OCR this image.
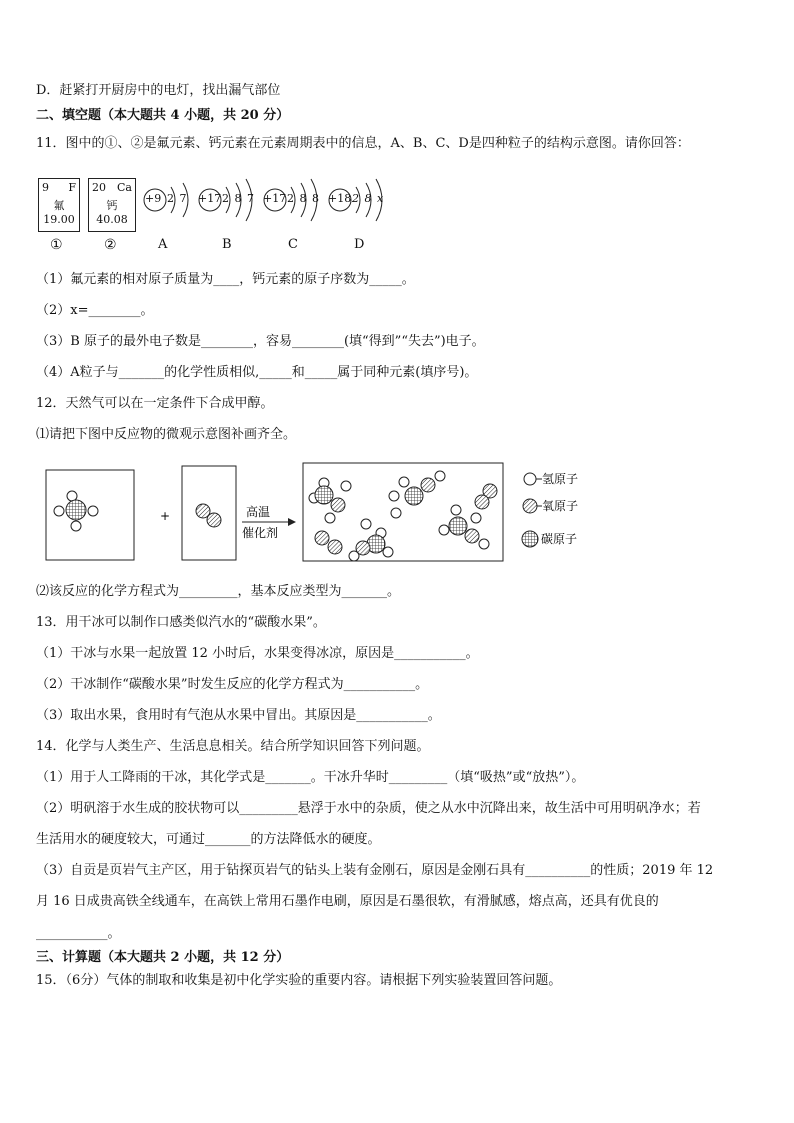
D．赶紧打开厨房中的电灯，找出漏气部位
二、填空题（本大题共 4 小题，共 20 分）
11．图中的①、②是氟元素、钙元素在元素周期表中的信息，A、B、C、D是四种粒子的结构示意图。请你回答：
9 F
氟
19.00
20 Ca
钙
40.08
①	②
+9 2 7
A
+17 2 8 7
B
+17 2 8 8
C
+18 2 8 x
D
（1）氟元素的相对原子质量为____，钙元素的原子序数为_____。
（2）x=________。
（3）B 原子的最外电子数是________，容易________(填“得到”“失去”)电子。
（4）A粒子与_______的化学性质相似,_____和_____属于同种元素(填序号)。
12．天然气可以在一定条件下合成甲醇。
⑴请把下图中反应物的微观示意图补画齐全。
+	高温
催化剂
氢原子
氧原子
碳原子
⑵该反应的化学方程式为_________，基本反应类型为_______。
13．用干冰可以制作口感类似汽水的“碳酸水果”。
（1）干冰与水果一起放置 12 小时后，水果变得冰凉，原因是___________。
（2）干冰制作“碳酸水果”时发生反应的化学方程式为___________。
（3）取出水果，食用时有气泡从水果中冒出。其原因是___________。
14．化学与人类生产、生活息息相关。结合所学知识回答下列问题。
（1）用于人工降雨的干冰，其化学式是_______。干冰升华时_________（填“吸热”或“放热”）。
（2）明矾溶于水生成的胶状物可以_________悬浮于水中的杂质，使之从水中沉降出来，故生活中可用明矾净水；若
生活用水的硬度较大，可通过_______的方法降低水的硬度。
（3）自贡是页岩气主产区，用于钻探页岩气的钻头上装有金刚石，原因是金刚石具有__________的性质；2019 年 12
月 16 日成贵高铁全线通车，在高铁上常用石墨作电刷，原因是石墨很软，有滑腻感，熔点高，还具有优良的
___________。
三、计算题（本大题共 2 小题，共 12 分）
15．（6分）气体的制取和收集是初中化学实验的重要内容。请根据下列实验装置回答问题。
